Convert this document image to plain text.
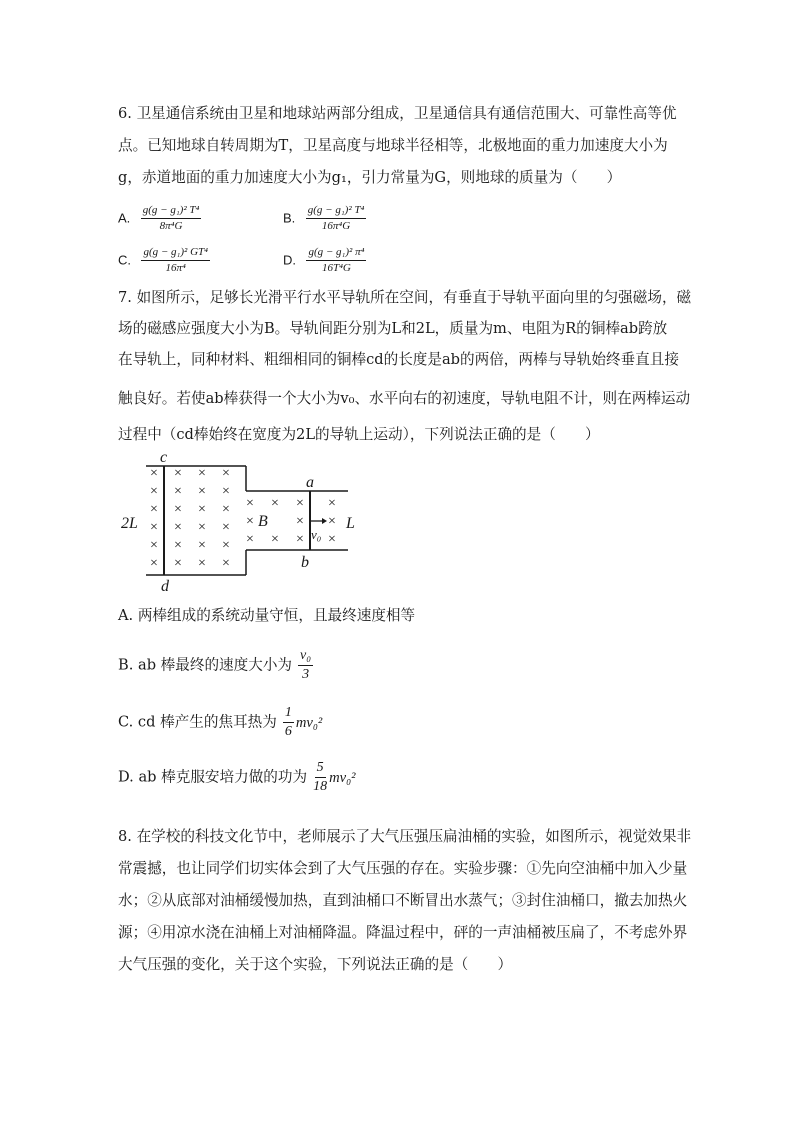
6. 卫星通信系统由卫星和地球站两部分组成，卫星通信具有通信范围大、可靠性高等优
点。已知地球自转周期为T，卫星高度与地球半径相等，北极地面的重力加速度大小为
g，赤道地面的重力加速度大小为g₁，引力常量为G，则地球的质量为（　　）
A. $\frac{\text{g(g − g₁)² T⁴}}{\text{8π⁴G}}$	B. $\frac{\text{g(g − g₁)² T⁴}}{\text{16π⁴G}}$
C. $\frac{\text{g(g − g₁)² GT⁴}}{\text{16π⁴}}$	D. $\frac{\text{g(g − g₁)² π⁴}}{\text{16T⁴G}}$
7. 如图所示，足够长光滑平行水平导轨所在空间，有垂直于导轨平面向里的匀强磁场，磁
场的磁感应强度大小为B。导轨间距分别为L和2L，质量为m、电阻为R的铜棒ab跨放
在导轨上，同种材料、粗细相同的铜棒cd的长度是ab的两倍，两棒与导轨始终垂直且接
触良好。若使ab棒获得一个大小为v₀、水平向右的初速度，导轨电阻不计，则在两棒运动
过程中（cd棒始终在宽度为2L的导轨上运动），下列说法正确的是（　　）
×
×
×
×
×
×
× × ×
× × ×
× × ×
× × ×
× × ×
× × ×
× × × ×
×	× ×
× × × ×
c
d
a
b
2L	L
B
v₀
A. 两棒组成的系统动量守恒，且最终速度相等
B. ab 棒最终的速度大小为 $\frac{\text{v₀}}{3}$
C. cd 棒产生的焦耳热为 $\frac{1}{6} mv_0^2$
D. ab 棒克服安培力做的功为 $\frac{5}{18} mv_0^2$
8. 在学校的科技文化节中，老师展示了大气压强压扁油桶的实验，如图所示，视觉效果非
常震撼，也让同学们切实体会到了大气压强的存在。实验步骤：①先向空油桶中加入少量
水；②从底部对油桶缓慢加热，直到油桶口不断冒出水蒸气；③封住油桶口，撤去加热火
源；④用凉水浇在油桶上对油桶降温。降温过程中，砰的一声油桶被压扁了，不考虑外界
大气压强的变化，关于这个实验，下列说法正确的是（　　）
